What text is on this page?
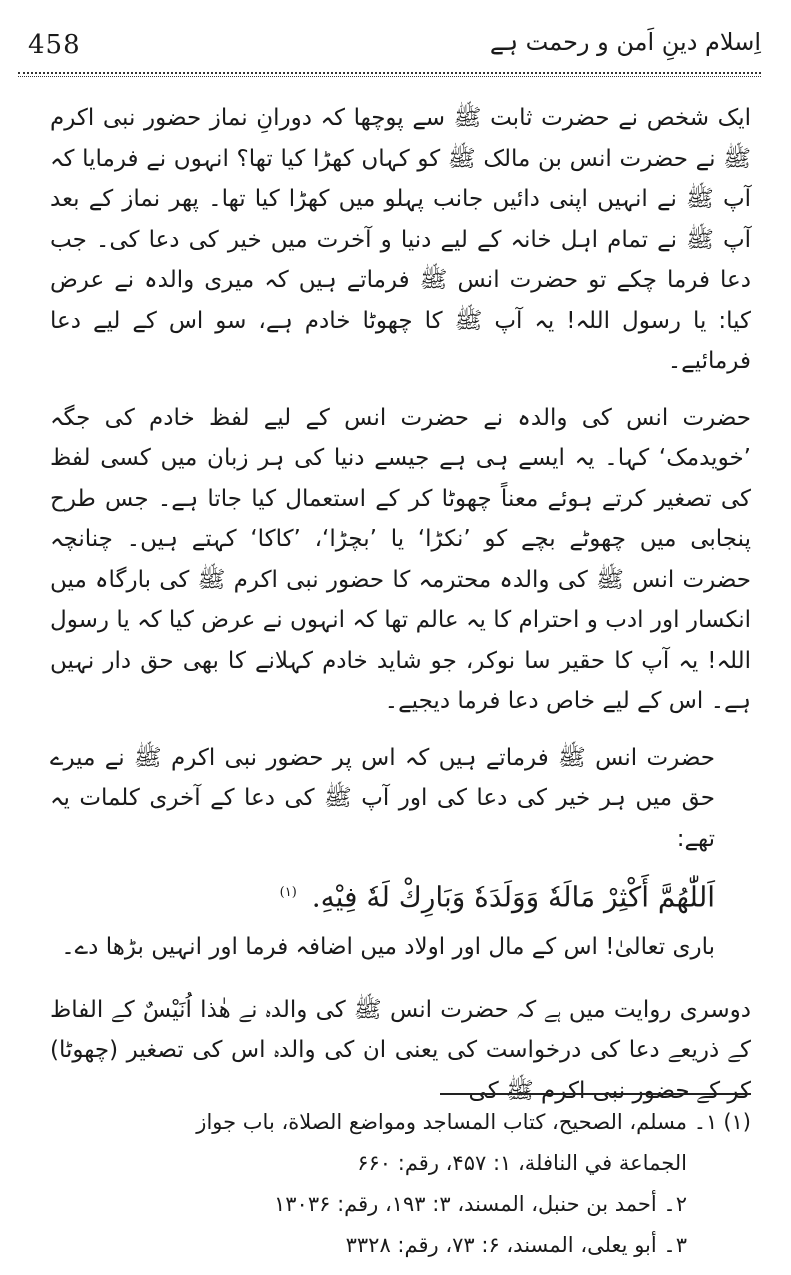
458	اِسلام دینِ اَمن و رحمت ہے

ایک شخص نے حضرت ثابت ﷺ سے پوچھا کہ دورانِ نماز حضور نبی اکرم ﷺ نے حضرت انس بن مالک ﷺ کو کہاں کھڑا کیا تھا؟ انہوں نے فرمایا کہ آپ ﷺ نے انہیں اپنی دائیں جانب پہلو میں کھڑا کیا تھا۔ پھر نماز کے بعد آپ ﷺ نے تمام اہل خانہ کے لیے دنیا و آخرت میں خیر کی دعا کی۔ جب دعا فرما چکے تو حضرت انس ﷺ فرماتے ہیں کہ میری والدہ نے عرض کیا: یا رسول اللہ! یہ آپ ﷺ کا چھوٹا خادم ہے، سو اس کے لیے دعا فرمائیے۔

حضرت انس کی والدہ نے حضرت انس کے لیے لفظ خادم کی جگہ ’خویدمک‘ کہا۔ یہ ایسے ہی ہے جیسے دنیا کی ہر زبان میں کسی لفظ کی تصغیر کرتے ہوئے معناً چھوٹا کر کے استعمال کیا جاتا ہے۔ جس طرح پنجابی میں چھوٹے بچے کو ’نکڑا‘ یا ’بچڑا‘، ’کاکا‘ کہتے ہیں۔ چنانچہ حضرت انس ﷺ کی والدہ محترمہ کا حضور نبی اکرم ﷺ کی بارگاہ میں انکسار اور ادب و احترام کا یہ عالم تھا کہ انہوں نے عرض کیا کہ یا رسول اللہ! یہ آپ کا حقیر سا نوکر، جو شاید خادم کہلانے کا بھی حق دار نہیں ہے۔ اس کے لیے خاص دعا فرما دیجیے۔

حضرت انس ﷺ فرماتے ہیں کہ اس پر حضور نبی اکرم ﷺ نے میرے حق میں ہر خیر کی دعا کی اور آپ ﷺ کی دعا کے آخری کلمات یہ تھے:

اَللّٰهُمَّ أَكْثِرْ مَالَهٗ وَوَلَدَهٗ وَبَارِكْ لَهٗ فِيْهِ. $^{(۱)}$

باری تعالیٰ! اس کے مال اور اولاد میں اضافہ فرما اور انہیں بڑھا دے۔

دوسری روایت میں ہے کہ حضرت انس ﷺ کی والدہ نے هٰذا اُنَیْسٌ کے الفاظ کے ذریعے دعا کی درخواست کی یعنی ان کی والدہ اس کی تصغیر (چھوٹا) کر کے حضور نبی اکرم ﷺ کی

(۱)۱۔ مسلم، الصحيح، كتاب المساجد ومواضع الصلاة، باب جواز
الجماعة في النافلة، ۱: ۴۵۷، رقم: ۶۶۰
۲۔ أحمد بن حنبل، المسند، ۳: ۱۹۳، رقم: ۱۳۰۳۶
۳۔ أبو يعلى، المسند، ۶: ۷۳، رقم: ۳۳۲۸
